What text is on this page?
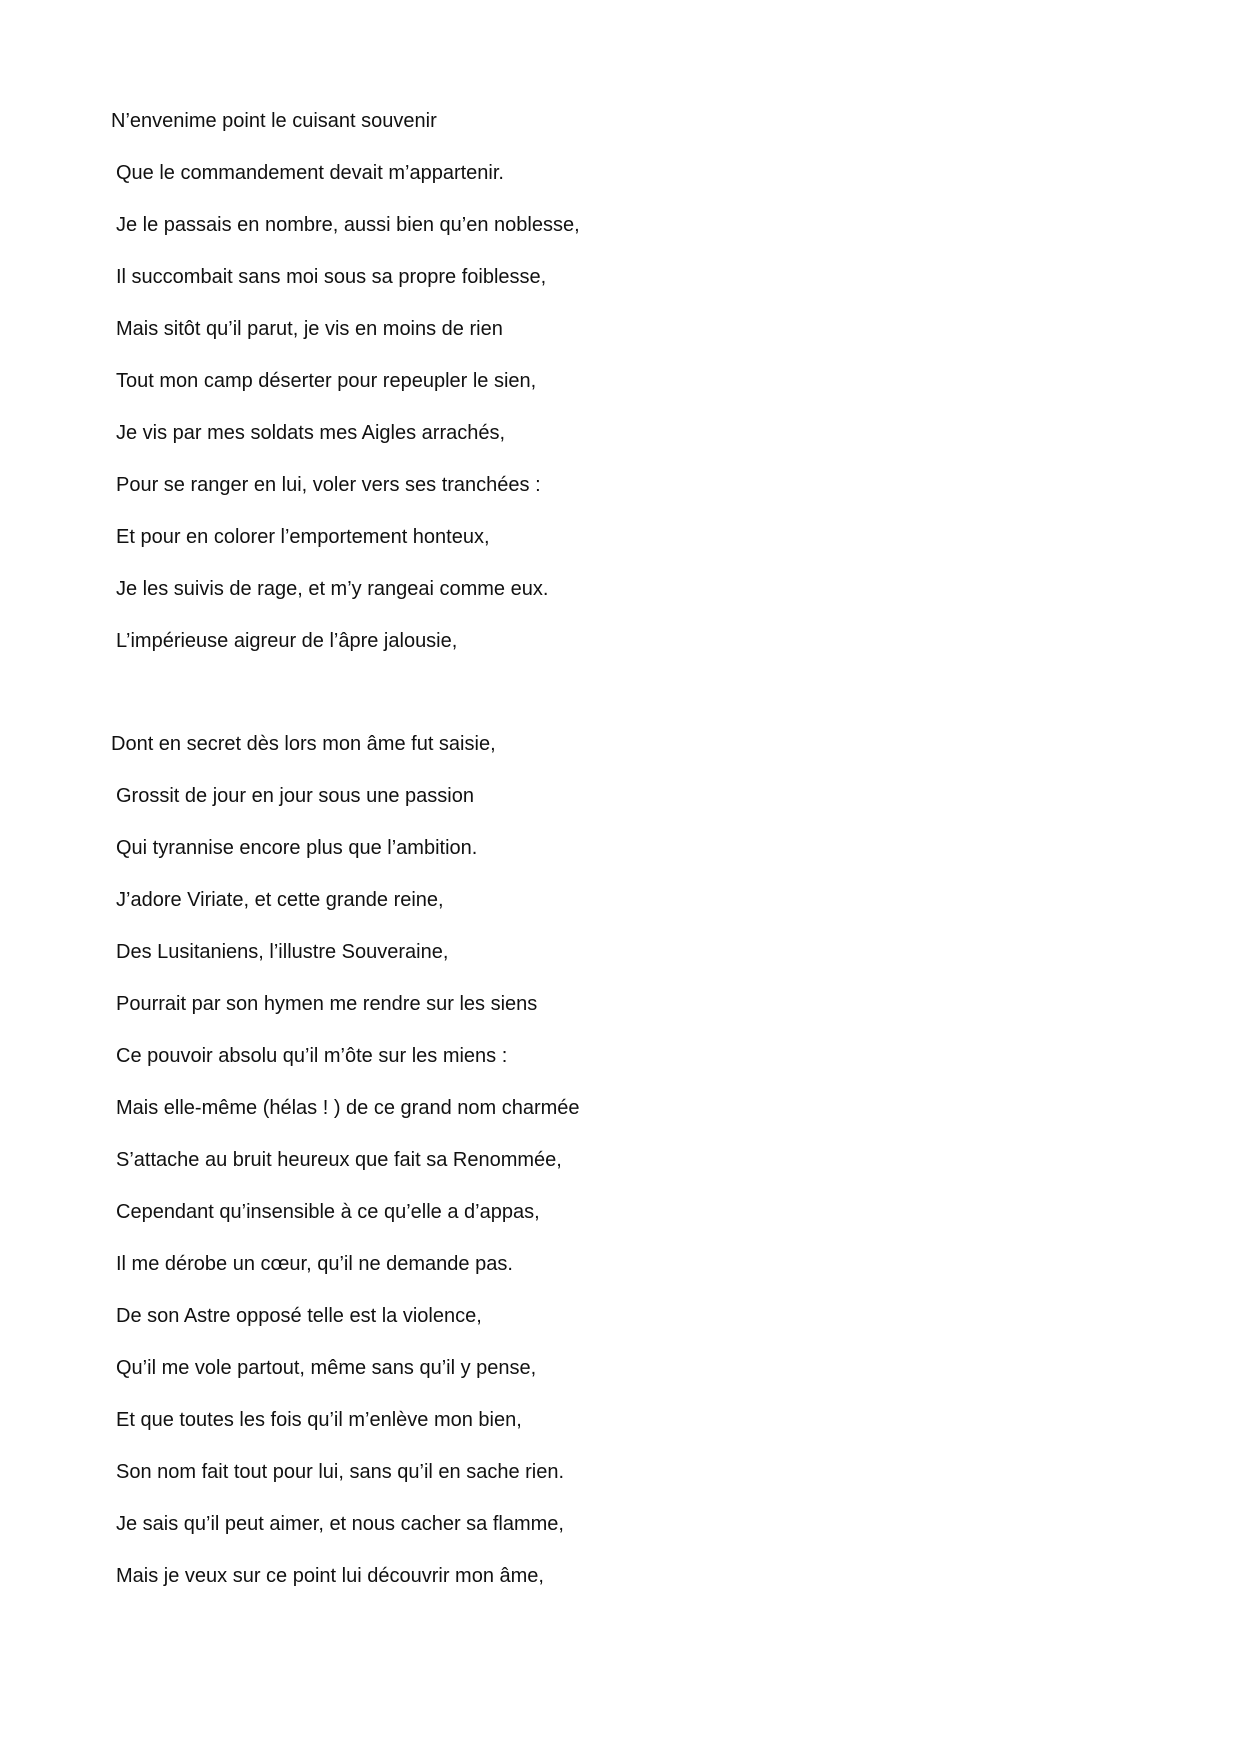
N’envenime point le cuisant souvenir

Que le commandement devait m’appartenir.

Je le passais en nombre, aussi bien qu’en noblesse,

Il succombait sans moi sous sa propre foiblesse,

Mais sitôt qu’il parut, je vis en moins de rien

Tout mon camp déserter pour repeupler le sien,

Je vis par mes soldats mes Aigles arrachés,

Pour se ranger en lui, voler vers ses tranchées :

Et pour en colorer l’emportement honteux,

Je les suivis de rage, et m’y rangeai comme eux.

L’impérieuse aigreur de l’âpre jalousie,

Dont en secret dès lors mon âme fut saisie,

Grossit de jour en jour sous une passion

Qui tyrannise encore plus que l’ambition.

J’adore Viriate, et cette grande reine,

Des Lusitaniens, l’illustre Souveraine,

Pourrait par son hymen me rendre sur les siens

Ce pouvoir absolu qu’il m’ôte sur les miens :

Mais elle-même (hélas ! ) de ce grand nom charmée

S’attache au bruit heureux que fait sa Renommée,

Cependant qu’insensible à ce qu’elle a d’appas,

Il me dérobe un cœur, qu’il ne demande pas.

De son Astre opposé telle est la violence,

Qu’il me vole partout, même sans qu’il y pense,

Et que toutes les fois qu’il m’enlève mon bien,

Son nom fait tout pour lui, sans qu’il en sache rien.

Je sais qu’il peut aimer, et nous cacher sa flamme,

Mais je veux sur ce point lui découvrir mon âme,
